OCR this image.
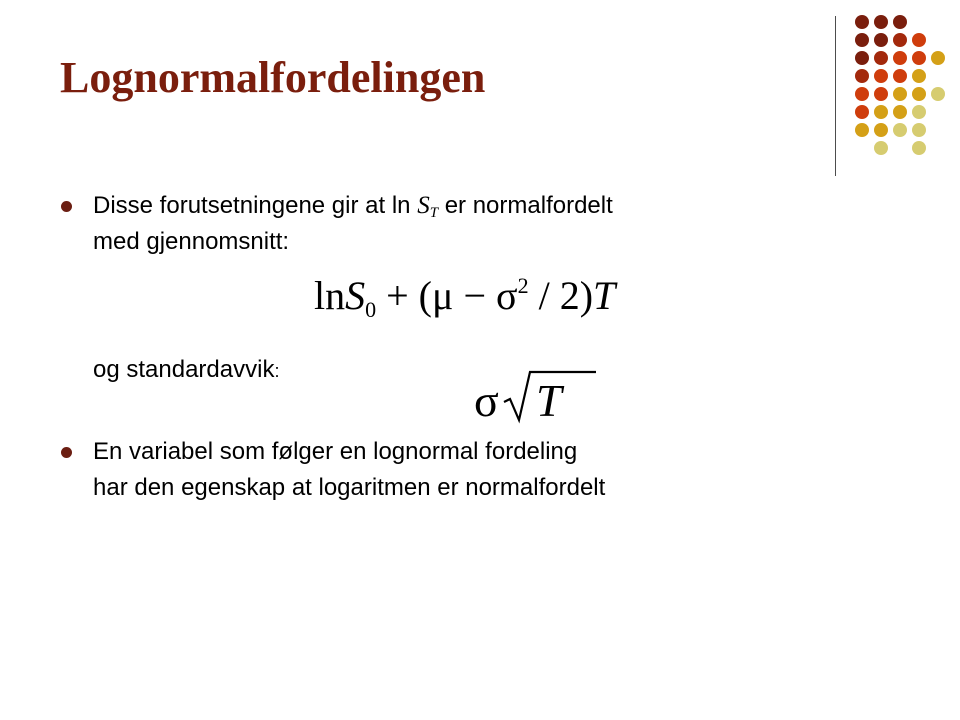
Lognormalfordelingen
Disse forutsetningene gir at $\ln S_T$ er normalfordelt
med gjennomsnitt:
$\ln S_0 + (\mu - \sigma^2 / 2)T$
og standardavvik:
σ T
En variabel som følger en lognormal fordeling
har den egenskap at logaritmen er normalfordelt
